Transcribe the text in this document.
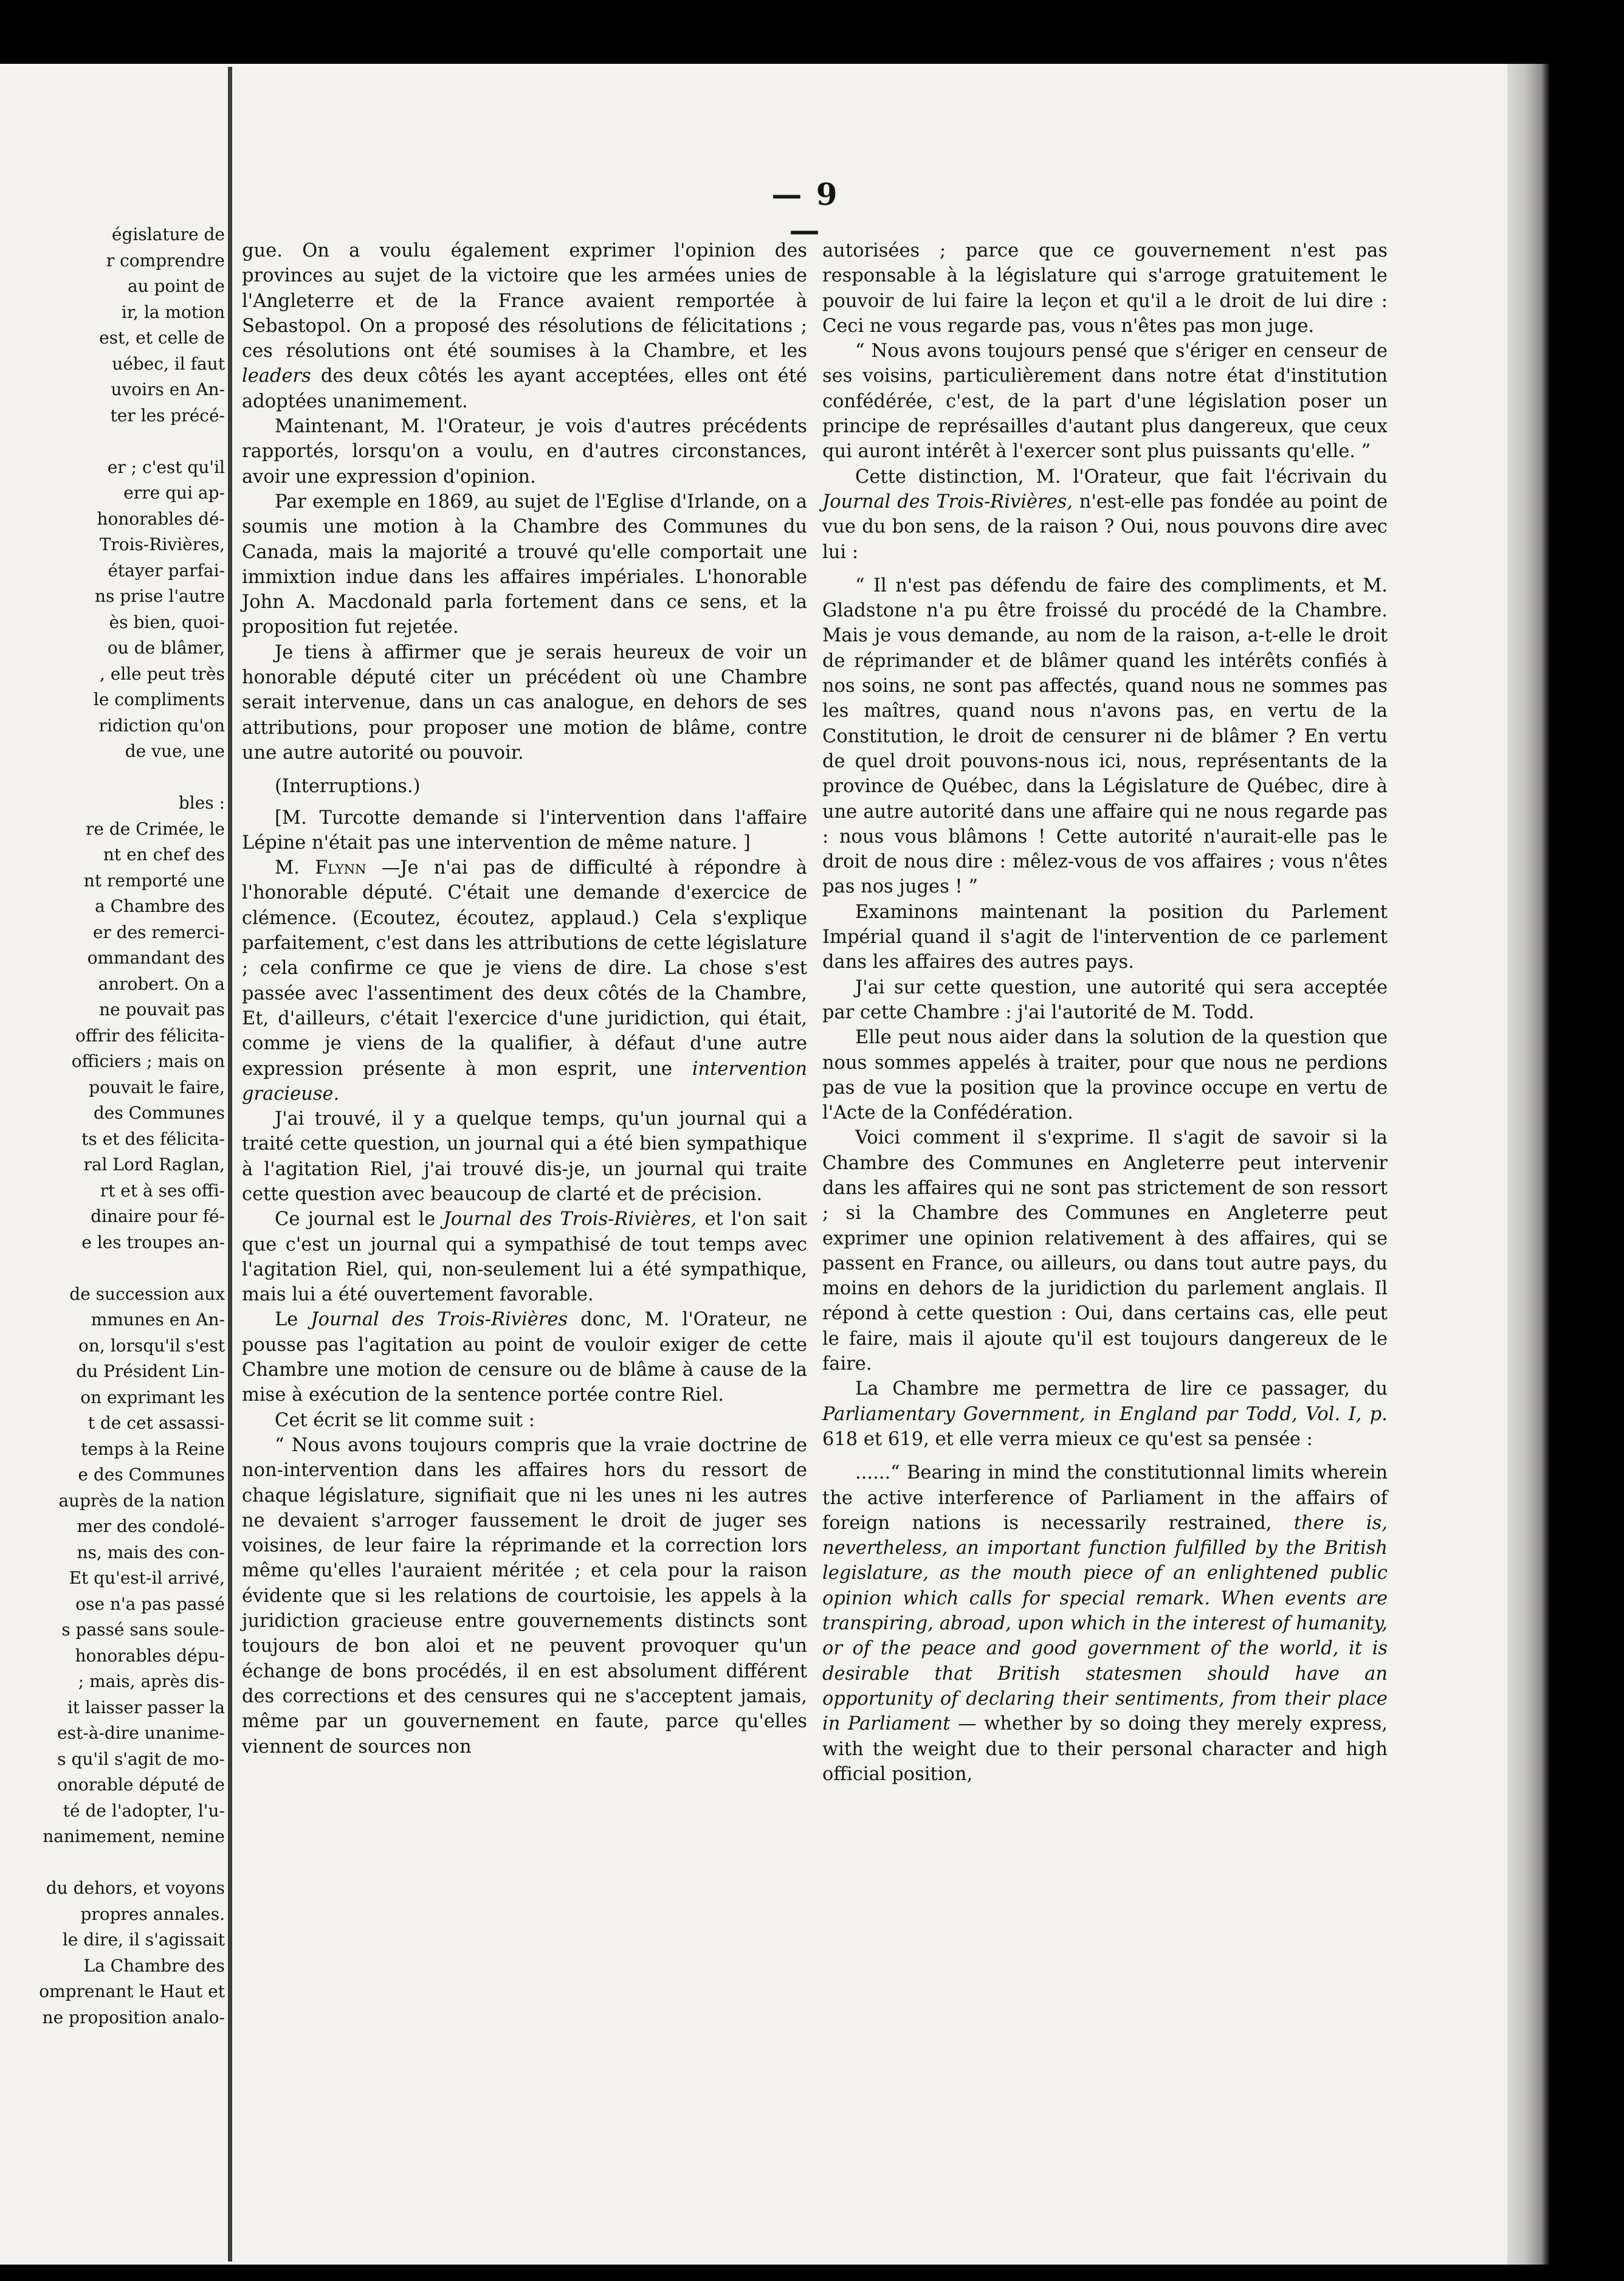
— 9 —

égislature de

r comprendre

au point de

ir, la motion

est, et celle de

uébec, il faut

uvoirs en An-

ter les précé-

er ; c'est qu'il

erre qui ap-

honorables dé-

Trois-Rivières,

étayer parfai-

ns prise l'autre

ès bien, quoi-

ou de blâmer,

, elle peut très

le compliments

ridiction qu'on

de vue, une

bles :

re de Crimée, le

nt en chef des

nt remporté une

a Chambre des

er des remerci-

ommandant des

anrobert. On a

ne pouvait pas

offrir des félicita-

officiers ; mais on

pouvait le faire,

des Communes

ts et des félicita-

ral Lord Raglan,

rt et à ses offi-

dinaire pour fé-

e les troupes an-

de succession aux

mmunes en An-

on, lorsqu'il s'est

du Président Lin-

on exprimant les

t de cet assassi-

temps à la Reine

e des Communes

auprès de la nation

mer des condolé-

ns, mais des con-

Et qu'est-il arrivé,

ose n'a pas passé

s passé sans soule-

honorables dépu-

; mais, après dis-

it laisser passer la

est-à-dire unanime-

s qu'il s'agit de mo-

onorable député de

té de l'adopter, l'u-

nanimement, nemine

du dehors, et voyons

propres annales.

le dire, il s'agissait

La Chambre des

omprenant le Haut et

ne proposition analo-

gue. On a voulu également exprimer l'opinion des provinces au sujet de la victoire que les armées unies de l'Angleterre et de la France avaient remportée à Sebastopol. On a proposé des résolutions de félicitations ; ces résolutions ont été soumises à la Chambre, et les leaders des deux côtés les ayant acceptées, elles ont été adoptées unanimement.

Maintenant, M. l'Orateur, je vois d'autres précédents rapportés, lorsqu'on a voulu, en d'autres circonstances, avoir une expression d'opinion.

Par exemple en 1869, au sujet de l'Eglise d'Irlande, on a soumis une motion à la Chambre des Communes du Canada, mais la majorité a trouvé qu'elle comportait une immixtion indue dans les affaires impériales. L'honorable John A. Macdonald parla fortement dans ce sens, et la proposition fut rejetée.

Je tiens à affirmer que je serais heureux de voir un honorable député citer un précédent où une Chambre serait intervenue, dans un cas analogue, en dehors de ses attributions, pour proposer une motion de blâme, contre une autre autorité ou pouvoir.

(Interruptions.)

[M. Turcotte demande si l'intervention dans l'affaire Lépine n'était pas une intervention de même nature. ]

M. Flynn —Je n'ai pas de difficulté à répondre à l'honorable député. C'était une demande d'exercice de clémence. (Ecoutez, écoutez, applaud.) Cela s'explique parfaitement, c'est dans les attributions de cette législature ; cela confirme ce que je viens de dire. La chose s'est passée avec l'assentiment des deux côtés de la Chambre, Et, d'ailleurs, c'était l'exercice d'une juridiction, qui était, comme je viens de la qualifier, à défaut d'une autre expression présente à mon esprit, une intervention gracieuse.

J'ai trouvé, il y a quelque temps, qu'un journal qui a traité cette question, un journal qui a été bien sympathique à l'agitation Riel, j'ai trouvé dis-je, un journal qui traite cette question avec beaucoup de clarté et de précision.

Ce journal est le Journal des Trois-Rivières, et l'on sait que c'est un journal qui a sympathisé de tout temps avec l'agitation Riel, qui, non-seulement lui a été sympathique, mais lui a été ouvertement favorable.

Le Journal des Trois-Rivières donc, M. l'Orateur, ne pousse pas l'agitation au point de vouloir exiger de cette Chambre une motion de censure ou de blâme à cause de la mise à exécution de la sentence portée contre Riel.

Cet écrit se lit comme suit :

“ Nous avons toujours compris que la vraie doctrine de non-intervention dans les affaires hors du ressort de chaque législature, signifiait que ni les unes ni les autres ne devaient s'arroger faussement le droit de juger ses voisines, de leur faire la réprimande et la correction lors même qu'elles l'auraient méritée ; et cela pour la raison évidente que si les relations de courtoisie, les appels à la juridiction gracieuse entre gouvernements distincts sont toujours de bon aloi et ne peuvent provoquer qu'un échange de bons procédés, il en est absolument différent des corrections et des censures qui ne s'acceptent jamais, même par un gouvernement en faute, parce qu'elles viennent de sources non

autorisées ; parce que ce gouvernement n'est pas responsable à la législature qui s'arroge gratuitement le pouvoir de lui faire la leçon et qu'il a le droit de lui dire : Ceci ne vous regarde pas, vous n'êtes pas mon juge.

“ Nous avons toujours pensé que s'ériger en censeur de ses voisins, particulièrement dans notre état d'institution confédérée, c'est, de la part d'une législation poser un principe de représailles d'autant plus dangereux, que ceux qui auront intérêt à l'exercer sont plus puissants qu'elle. ”

Cette distinction, M. l'Orateur, que fait l'écrivain du Journal des Trois-Rivières, n'est-elle pas fondée au point de vue du bon sens, de la raison ? Oui, nous pouvons dire avec lui :

“ Il n'est pas défendu de faire des compliments, et M. Gladstone n'a pu être froissé du procédé de la Chambre. Mais je vous demande, au nom de la raison, a-t-elle le droit de réprimander et de blâmer quand les intérêts confiés à nos soins, ne sont pas affectés, quand nous ne sommes pas les maîtres, quand nous n'avons pas, en vertu de la Constitution, le droit de censurer ni de blâmer ? En vertu de quel droit pouvons-nous ici, nous, représentants de la province de Québec, dans la Législature de Québec, dire à une autre autorité dans une affaire qui ne nous regarde pas : nous vous blâmons ! Cette autorité n'aurait-elle pas le droit de nous dire : mêlez-vous de vos affaires ; vous n'êtes pas nos juges ! ”

Examinons maintenant la position du Parlement Impérial quand il s'agit de l'intervention de ce parlement dans les affaires des autres pays.

J'ai sur cette question, une autorité qui sera acceptée par cette Chambre : j'ai l'autorité de M. Todd.

Elle peut nous aider dans la solution de la question que nous sommes appelés à traiter, pour que nous ne perdions pas de vue la position que la province occupe en vertu de l'Acte de la Confédération.

Voici comment il s'exprime. Il s'agit de savoir si la Chambre des Communes en Angleterre peut intervenir dans les affaires qui ne sont pas strictement de son ressort ; si la Chambre des Communes en Angleterre peut exprimer une opinion relativement à des affaires, qui se passent en France, ou ailleurs, ou dans tout autre pays, du moins en dehors de la juridiction du parlement anglais. Il répond à cette question : Oui, dans certains cas, elle peut le faire, mais il ajoute qu'il est toujours dangereux de le faire.

La Chambre me permettra de lire ce passager, du Parliamentary Government, in England par Todd, Vol. I, p. 618 et 619, et elle verra mieux ce qu'est sa pensée :

......“ Bearing in mind the constitutionnal limits wherein the active interference of Parliament in the affairs of foreign nations is necessarily restrained, there is, nevertheless, an important function fulfilled by the British legislature, as the mouth piece of an enlightened public opinion which calls for special remark. When events are transpiring, abroad, upon which in the interest of humanity, or of the peace and good government of the world, it is desirable that British statesmen should have an opportunity of declaring their sentiments, from their place in Parliament — whether by so doing they merely express, with the weight due to their personal character and high official position,
